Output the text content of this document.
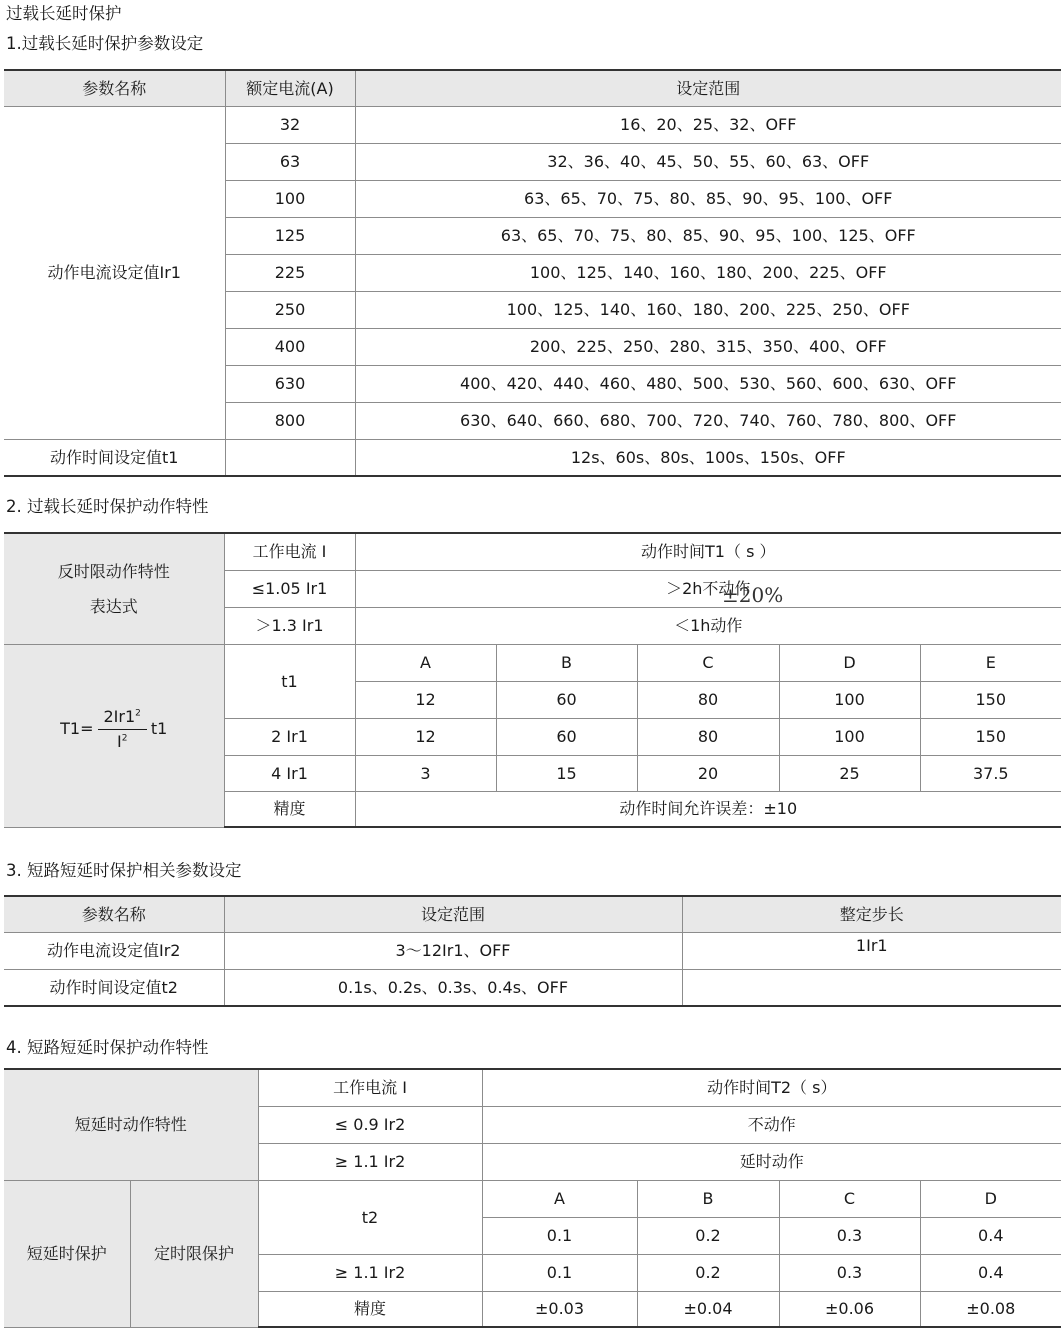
过载长延时保护
1.过载长延时保护参数设定
参数名称	额定电流(A)	设定范围
动作电流设定值Ir1	32	16、20、25、32、OFF
	63	32、36、40、45、50、55、60、63、OFF
	100	63、65、70、75、80、85、90、95、100、OFF
	125	63、65、70、75、80、85、90、95、100、125、OFF
	225	100、125、140、160、180、200、225、OFF
	250	100、125、140、160、180、200、225、250、OFF
	400	200、225、250、280、315、350、400、OFF
	630	400、420、440、460、480、500、530、560、600、630、OFF
	800	630、640、660、680、700、720、740、760、780、800、OFF
动作时间设定值t1		12s、60s、80s、100s、150s、OFF
2. 过载长延时保护动作特性
反时限动作特性
表达式	工作电流 I	动作时间T1（ s ）				
	≤1.05 Ir1	＞2h不动作				
	＞1.3 Ir1	＜1h动作				

$T1= \frac{2Ir1^2}{I^2} t1$	t1	A	B	C	D	E
		12	60	80	100	150
	2 Ir1	12	60	80	100	150
	4 Ir1	3	15	20	25	37.5
	精度	动作时间允许误差：±10				
±20%
3. 短路短延时保护相关参数设定
参数名称	设定范围	整定步长
动作电流设定值Ir2	3～12Ir1、OFF	1Ir1
动作时间设定值t2	0.1s、0.2s、0.3s、0.4s、OFF	
4. 短路短延时保护动作特性
短延时动作特性		工作电流 I	动作时间T2（ s）			
		≤ 0.9 Ir2	不动作			
		≥ 1.1 Ir2	延时动作			
短延时保护	定时限保护	t2	A	B	C	D
			0.1	0.2	0.3	0.4
		≥ 1.1 Ir2	0.1	0.2	0.3	0.4
		精度	±0.03	±0.04	±0.06	±0.08
